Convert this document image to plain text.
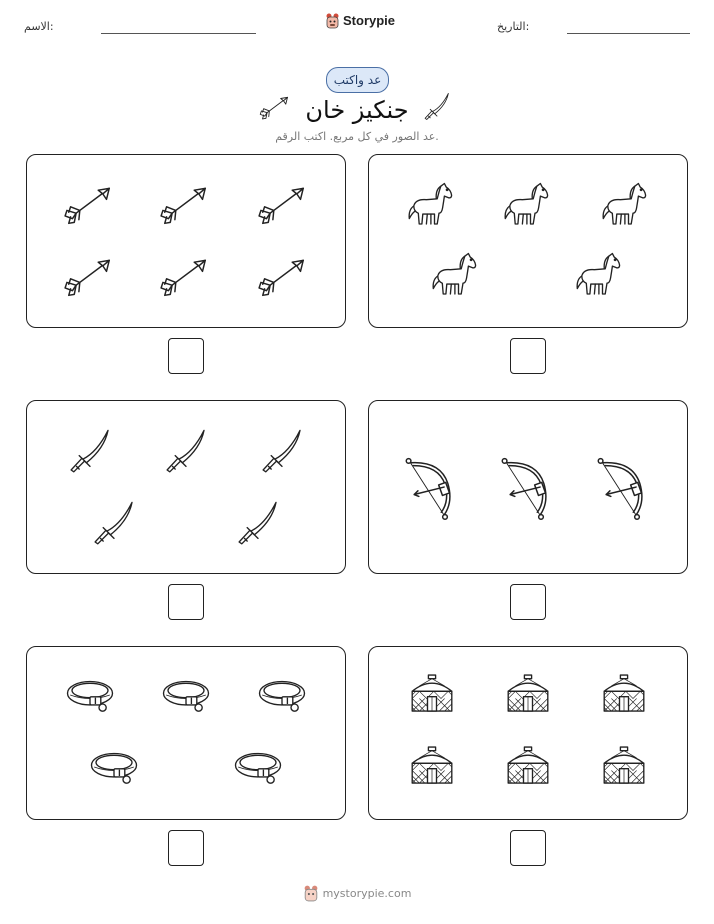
الاسم:	Storypie	التاريخ:
عد واكتب
جنكيز خان
عد الصور في كل مربع. اكتب الرقم.
mystorypie.com
